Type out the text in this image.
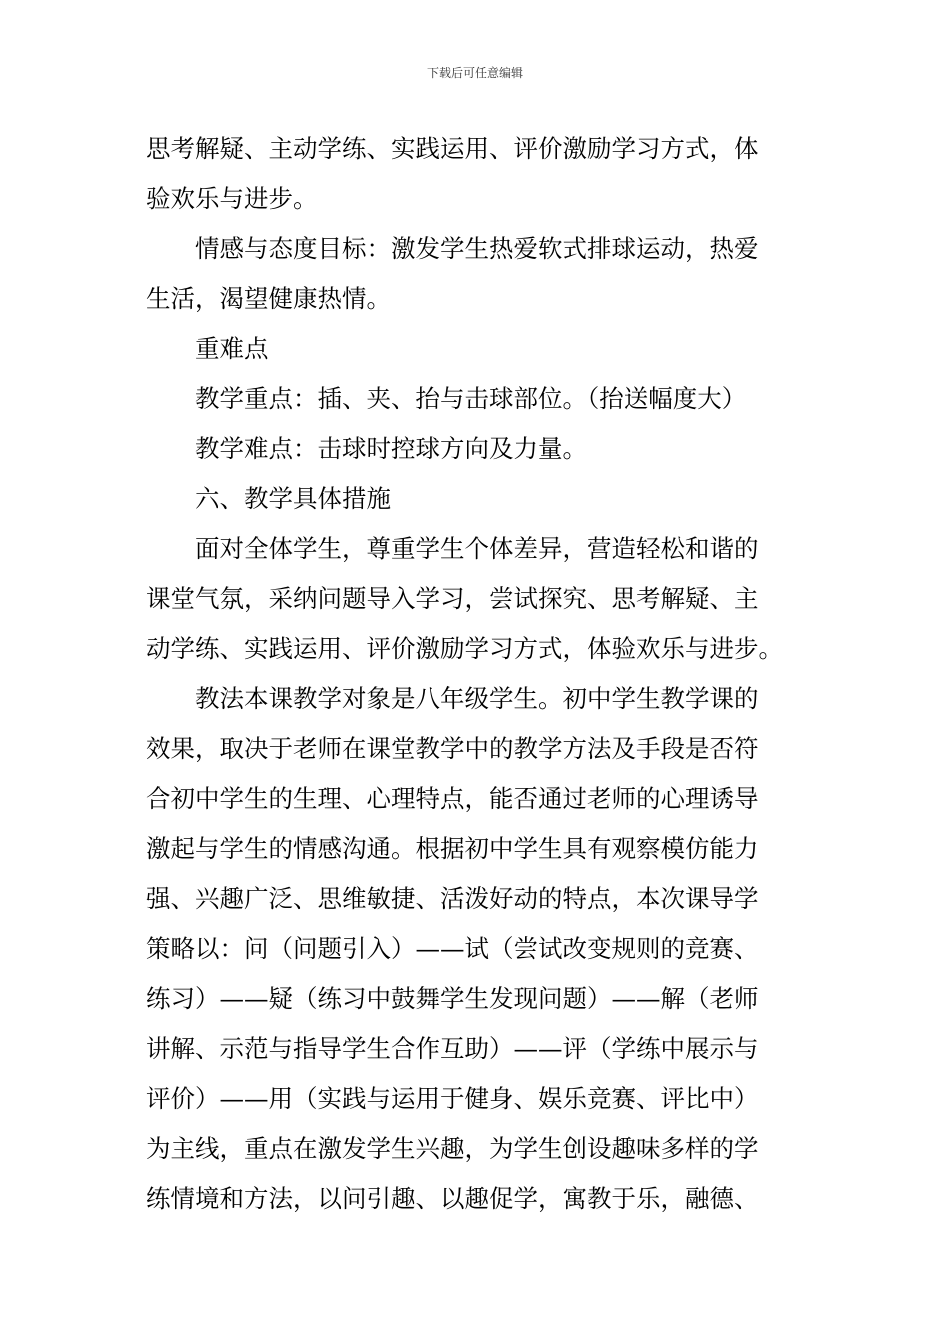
下载后可任意编辑
思考解疑、主动学练、实践运用、评价激励学习方式，体
验欢乐与进步。
情感与态度目标：激发学生热爱软式排球运动，热爱
生活，渴望健康热情。
重难点
教学重点：插、夹、抬与击球部位。（抬送幅度大）
教学难点：击球时控球方向及力量。
六、教学具体措施
面对全体学生，尊重学生个体差异，营造轻松和谐的
课堂气氛，采纳问题导入学习，尝试探究、思考解疑、主
动学练、实践运用、评价激励学习方式，体验欢乐与进步。
教法本课教学对象是八年级学生。初中学生教学课的
效果，取决于老师在课堂教学中的教学方法及手段是否符
合初中学生的生理、心理特点，能否通过老师的心理诱导
激起与学生的情感沟通。根据初中学生具有观察模仿能力
强、兴趣广泛、思维敏捷、活泼好动的特点，本次课导学
策略以：问（问题引入）——试（尝试改变规则的竞赛、
练习）——疑（练习中鼓舞学生发现问题）——解（老师
讲解、示范与指导学生合作互助）——评（学练中展示与
评价）——用（实践与运用于健身、娱乐竞赛、评比中）
为主线，重点在激发学生兴趣，为学生创设趣味多样的学
练情境和方法，以问引趣、以趣促学，寓教于乐，融德、
